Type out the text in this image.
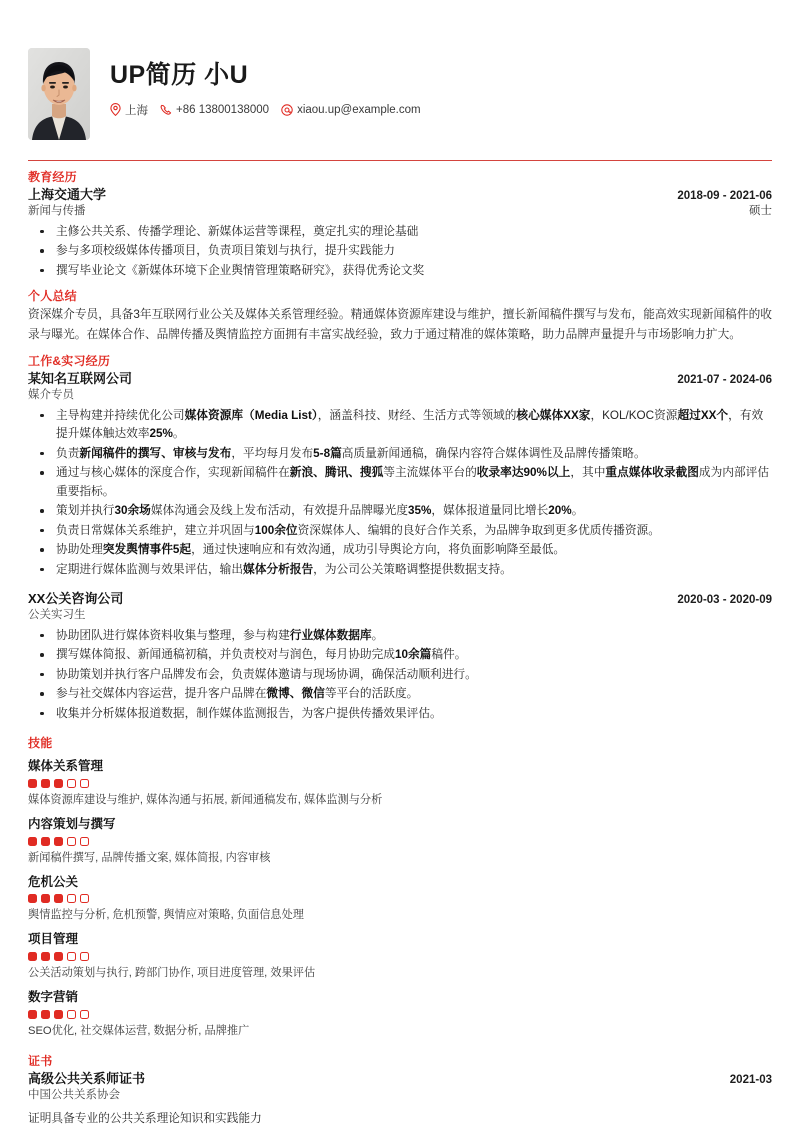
UP简历 小U
上海 +86 13800138000 xiaou.up@example.com
教育经历
上海交通大学	2018-09 - 2021-06
新闻与传播	硕士
主修公共关系、传播学理论、新媒体运营等课程，奠定扎实的理论基础
参与多项校级媒体传播项目，负责项目策划与执行，提升实践能力
撰写毕业论文《新媒体环境下企业舆情管理策略研究》，获得优秀论文奖
个人总结
资深媒介专员，具备3年互联网行业公关及媒体关系管理经验。精通媒体资源库建设与维护，擅长新闻稿件撰写与发布，能高效实现新闻稿件的收录与曝光。在媒体合作、品牌传播及舆情监控方面拥有丰富实战经验，致力于通过精准的媒体策略，助力品牌声量提升与市场影响力扩大。
工作&实习经历
某知名互联网公司	2021-07 - 2024-06
媒介专员
主导构建并持续优化公司媒体资源库（Media List），涵盖科技、财经、生活方式等领域的核心媒体XX家，KOL/KOC资源超过XX个，有效提升媒体触达效率25%。
负责新闻稿件的撰写、审核与发布，平均每月发布5-8篇高质量新闻通稿，确保内容符合媒体调性及品牌传播策略。
通过与核心媒体的深度合作，实现新闻稿件在新浪、腾讯、搜狐等主流媒体平台的收录率达90%以上，其中重点媒体收录截图成为内部评估重要指标。
策划并执行30余场媒体沟通会及线上发布活动，有效提升品牌曝光度35%，媒体报道量同比增长20%。
负责日常媒体关系维护，建立并巩固与100余位资深媒体人、编辑的良好合作关系，为品牌争取到更多优质传播资源。
协助处理突发舆情事件5起，通过快速响应和有效沟通，成功引导舆论方向，将负面影响降至最低。
定期进行媒体监测与效果评估，输出媒体分析报告，为公司公关策略调整提供数据支持。
XX公关咨询公司	2020-03 - 2020-09
公关实习生
协助团队进行媒体资料收集与整理，参与构建行业媒体数据库。
撰写媒体简报、新闻通稿初稿，并负责校对与润色，每月协助完成10余篇稿件。
协助策划并执行客户品牌发布会，负责媒体邀请与现场协调，确保活动顺利进行。
参与社交媒体内容运营，提升客户品牌在微博、微信等平台的活跃度。
收集并分析媒体报道数据，制作媒体监测报告，为客户提供传播效果评估。
技能
媒体关系管理
媒体资源库建设与维护, 媒体沟通与拓展, 新闻通稿发布, 媒体监测与分析
内容策划与撰写
新闻稿件撰写, 品牌传播文案, 媒体简报, 内容审核
危机公关
舆情监控与分析, 危机预警, 舆情应对策略, 负面信息处理
项目管理
公关活动策划与执行, 跨部门协作, 项目进度管理, 效果评估
数字营销
SEO优化, 社交媒体运营, 数据分析, 品牌推广
证书
高级公共关系师证书	2021-03
中国公共关系协会
证明具备专业的公共关系理论知识和实践能力
